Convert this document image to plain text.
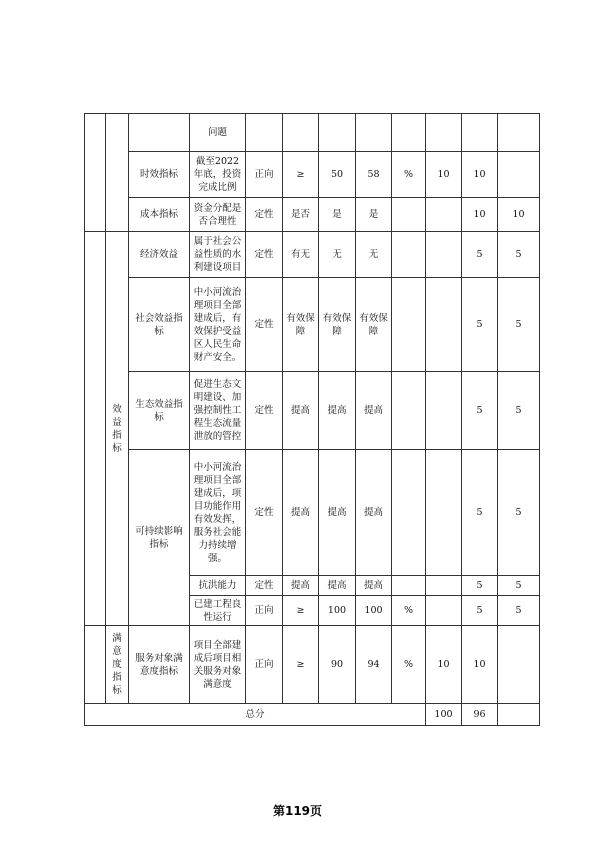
			问题									
		时效指标	截至2022年底，投资完成比例	正向	≥	50	58	%	10	10		
		成本指标	资金分配是否合理性	定性	是否	是	是			10	10	
	效益指标	经济效益	属于社会公益性质的水利建设项目	定性	有无	无	无			5	5	
		社会效益指标	中小河流治理项目全部建成后，有效保护受益区人民生命财产安全。	定性	有效保障	有效保障	有效保障			5	5	
		生态效益指标	促进生态文明建设、加强控制性工程生态流量泄放的管控	定性	提高	提高	提高			5	5	
		可持续影响指标	中小河流治理项目全部建成后，项目功能作用有效发挥，服务社会能力持续增强。	定性	提高	提高	提高			5	5	
			抗洪能力	定性	提高	提高	提高			5	5	
			已建工程良性运行	正向	≥	100	100	%		5	5	
	满意度指标	服务对象满意度指标	项目全部建成后项目相关服务对象满意度	正向	≥	90	94	%	10	10		
总分									100	96		
第119页
